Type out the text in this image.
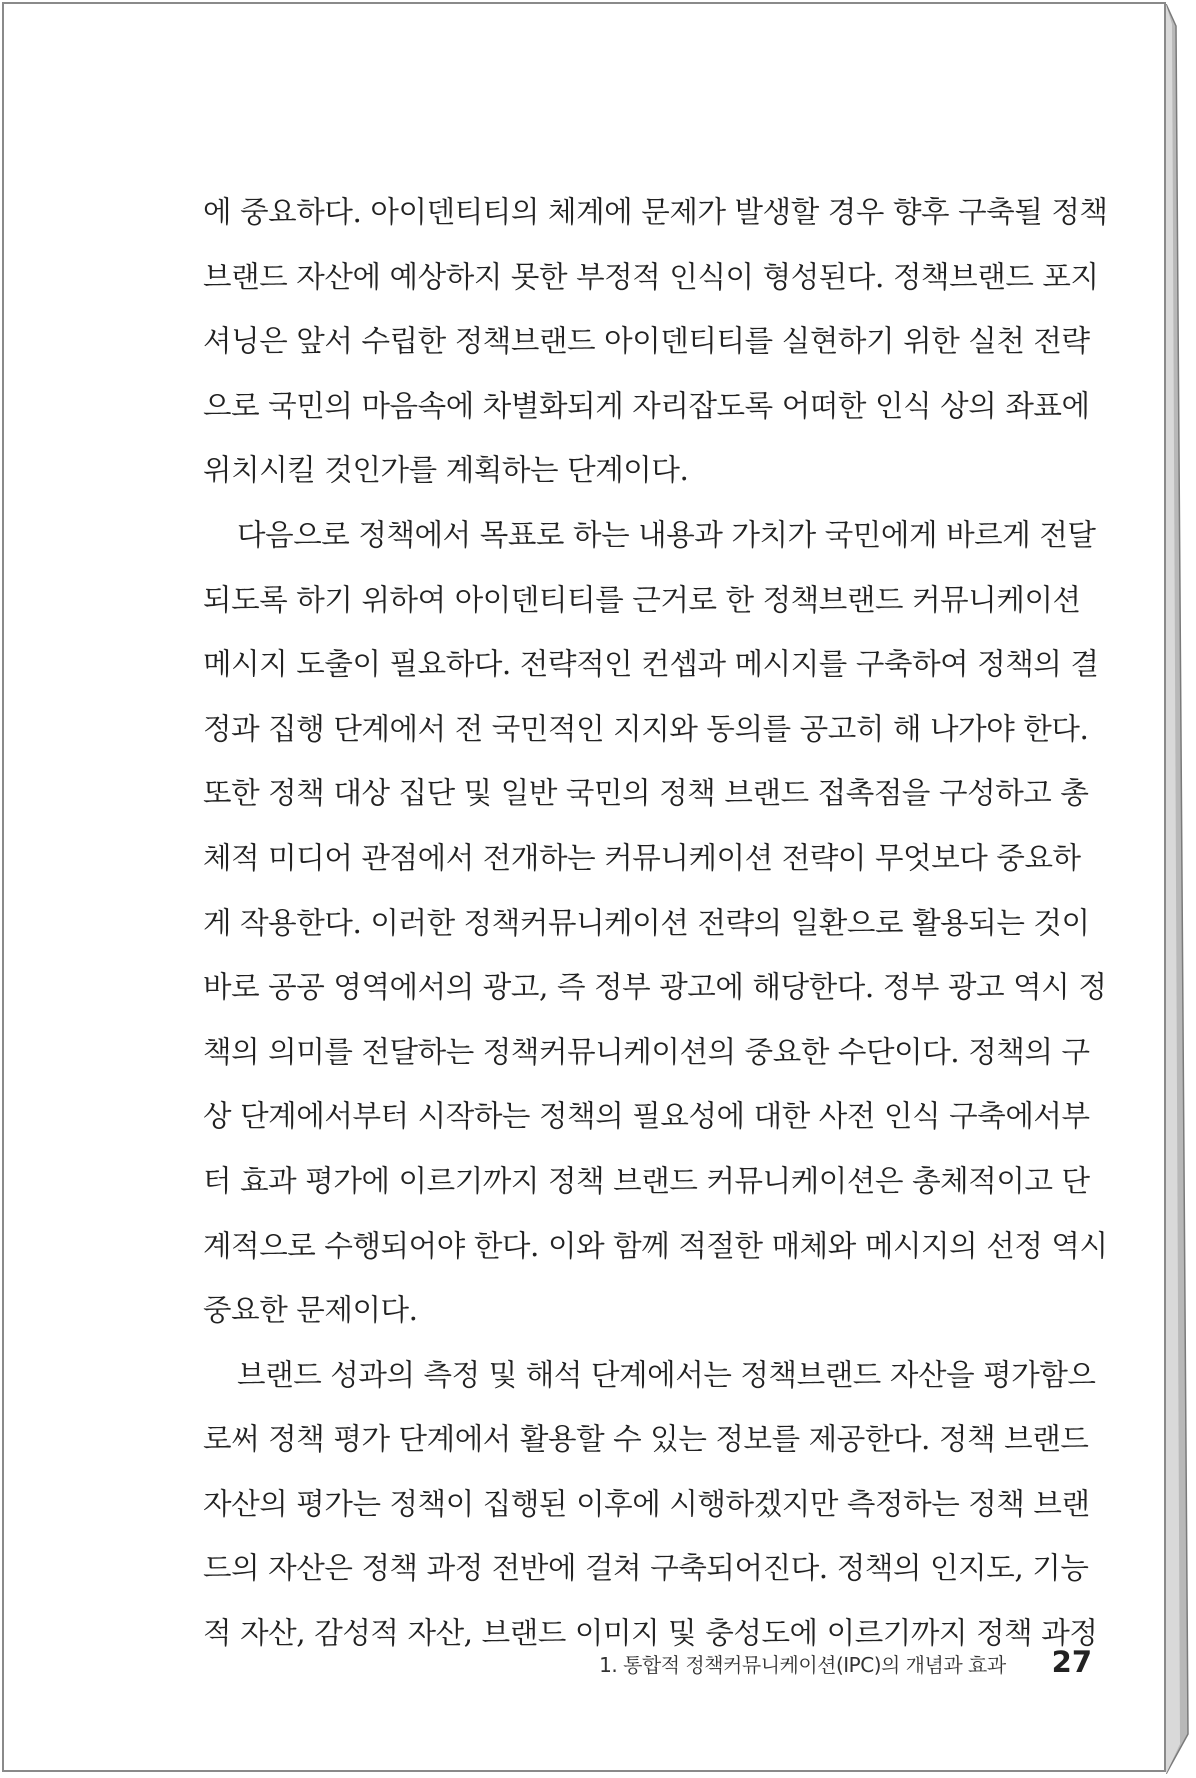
에 중요하다. 아이덴티티의 체계에 문제가 발생할 경우 향후 구축될 정책
브랜드 자산에 예상하지 못한 부정적 인식이 형성된다. 정책브랜드 포지
셔닝은 앞서 수립한 정책브랜드 아이덴티티를 실현하기 위한 실천 전략
으로 국민의 마음속에 차별화되게 자리잡도록 어떠한 인식 상의 좌표에
위치시킬 것인가를 계획하는 단계이다.
다음으로 정책에서 목표로 하는 내용과 가치가 국민에게 바르게 전달
되도록 하기 위하여 아이덴티티를 근거로 한 정책브랜드 커뮤니케이션
메시지 도출이 필요하다. 전략적인 컨셉과 메시지를 구축하여 정책의 결
정과 집행 단계에서 전 국민적인 지지와 동의를 공고히 해 나가야 한다.
또한 정책 대상 집단 및 일반 국민의 정책 브랜드 접촉점을 구성하고 총
체적 미디어 관점에서 전개하는 커뮤니케이션 전략이 무엇보다 중요하
게 작용한다. 이러한 정책커뮤니케이션 전략의 일환으로 활용되는 것이
바로 공공 영역에서의 광고, 즉 정부 광고에 해당한다. 정부 광고 역시 정
책의 의미를 전달하는 정책커뮤니케이션의 중요한 수단이다. 정책의 구
상 단계에서부터 시작하는 정책의 필요성에 대한 사전 인식 구축에서부
터 효과 평가에 이르기까지 정책 브랜드 커뮤니케이션은 총체적이고 단
계적으로 수행되어야 한다. 이와 함께 적절한 매체와 메시지의 선정 역시
중요한 문제이다.
브랜드 성과의 측정 및 해석 단계에서는 정책브랜드 자산을 평가함으
로써 정책 평가 단계에서 활용할 수 있는 정보를 제공한다. 정책 브랜드
자산의 평가는 정책이 집행된 이후에 시행하겠지만 측정하는 정책 브랜
드의 자산은 정책 과정 전반에 걸쳐 구축되어진다. 정책의 인지도, 기능
적 자산, 감성적 자산, 브랜드 이미지 및 충성도에 이르기까지 정책 과정
1. 통합적 정책커뮤니케이션(IPC)의 개념과 효과 27
